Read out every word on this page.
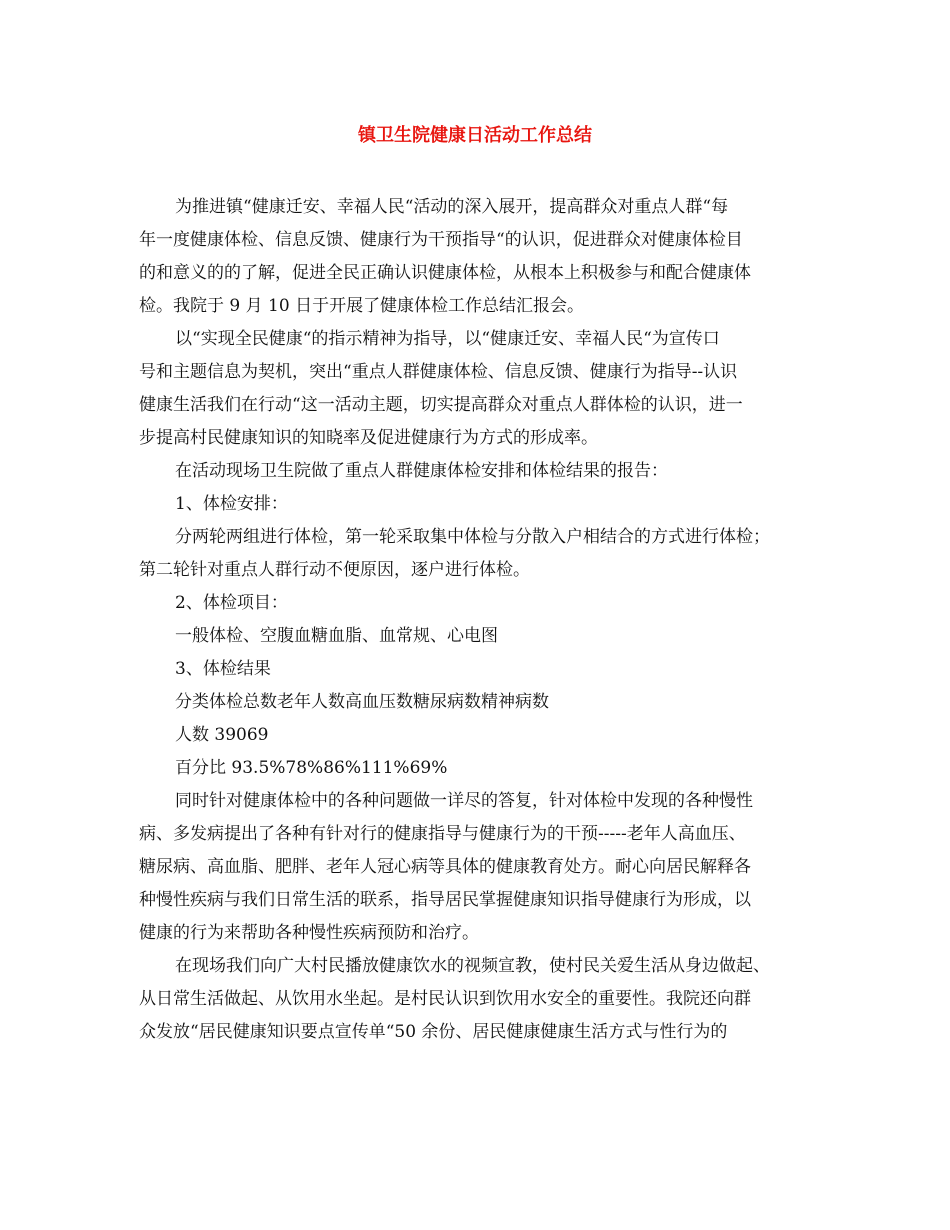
镇卫生院健康日活动工作总结

为推进镇“健康迁安、幸福人民“活动的深入展开，提高群众对重点人群“每

年一度健康体检、信息反馈、健康行为干预指导“的认识，促进群众对健康体检目

的和意义的的了解，促进全民正确认识健康体检，从根本上积极参与和配合健康体

检。我院于 9 月 10 日于开展了健康体检工作总结汇报会。

以“实现全民健康“的指示精神为指导，以“健康迁安、幸福人民“为宣传口

号和主题信息为契机，突出“重点人群健康体检、信息反馈、健康行为指导--认识

健康生活我们在行动“这一活动主题，切实提高群众对重点人群体检的认识，进一

步提高村民健康知识的知晓率及促进健康行为方式的形成率。

在活动现场卫生院做了重点人群健康体检安排和体检结果的报告：

1、体检安排：

分两轮两组进行体检，第一轮采取集中体检与分散入户相结合的方式进行体检；

第二轮针对重点人群行动不便原因，逐户进行体检。

2、体检项目：

一般体检、空腹血糖血脂、血常规、心电图

3、体检结果

分类体检总数老年人数高血压数糖尿病数精神病数

人数 39069

百分比 93.5%78%86%111%69%

同时针对健康体检中的各种问题做一详尽的答复，针对体检中发现的各种慢性

病、多发病提出了各种有针对行的健康指导与健康行为的干预-----老年人高血压、

糖尿病、高血脂、肥胖、老年人冠心病等具体的健康教育处方。耐心向居民解释各

种慢性疾病与我们日常生活的联系，指导居民掌握健康知识指导健康行为形成，以

健康的行为来帮助各种慢性疾病预防和治疗。

在现场我们向广大村民播放健康饮水的视频宣教，使村民关爱生活从身边做起、

从日常生活做起、从饮用水坐起。是村民认识到饮用水安全的重要性。我院还向群

众发放“居民健康知识要点宣传单“50 余份、居民健康健康生活方式与性行为的
